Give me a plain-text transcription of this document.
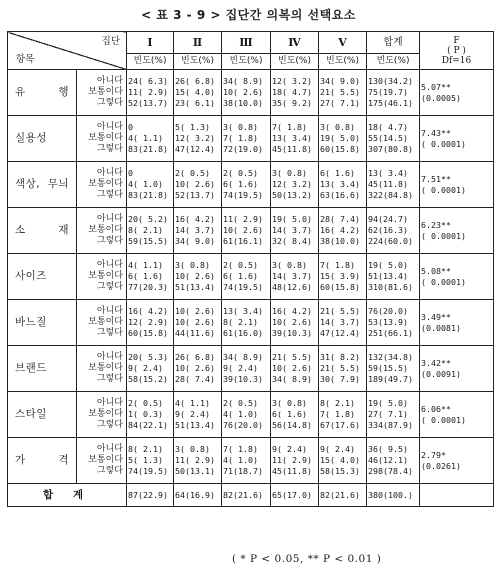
< 표 3 - 9 > 집단간 의복의 선택요소
집단
항목		Ⅰ	Ⅱ	Ⅲ	Ⅳ	Ⅴ	합계	F
( P )
Df=16

		빈도(%)	빈도(%)	빈도(%)	빈도(%)	빈도(%)	빈도(%)	
유 행	아니다
보통이다
그렇다	24( 6.3)
11( 2.9)
52(13.7)	26( 6.8)
15( 4.0)
23( 6.1)	34( 8.9)
10( 2.6)
38(10.0)	12( 3.2)
18( 4.7)
35( 9.2)	34( 9.0)
21( 5.5)
27( 7.1)	130(34.2)
75(19.7)
175(46.1)	5.07**
(0.0005)

실용성	아니다
보통이다
그렇다	0
4( 1.1)
83(21.8)	5( 1.3)
12( 3.2)
47(12.4)	3( 0.8)
7( 1.8)
72(19.0)	7( 1.8)
13( 3.4)
45(11.8)	3( 0.8)
19( 5.0)
60(15.8)	18( 4.7)
55(14.5)
307(80.8)	7.43**
( 0.0001)

색상, 무늬	아니다
보통이다
그렇다	0
4( 1.0)
83(21.8)	2( 0.5)
10( 2.6)
52(13.7)	2( 0.5)
6( 1.6)
74(19.5)	3( 0.8)
12( 3.2)
50(13.2)	6( 1.6)
13( 3.4)
63(16.6)	13( 3.4)
45(11.8)
322(84.8)	7.51**
( 0.0001)

소 재	아니다
보통이다
그렇다	20( 5.2)
8( 2.1)
59(15.5)	16( 4.2)
14( 3.7)
34( 9.0)	11( 2.9)
10( 2.6)
61(16.1)	19( 5.0)
14( 3.7)
32( 8.4)	28( 7.4)
16( 4.2)
38(10.0)	94(24.7)
62(16.3)
224(60.0)	6.23**
( 0.0001)

사이즈	아니다
보통이다
그렇다	4( 1.1)
6( 1.6)
77(20.3)	3( 0.8)
10( 2.6)
51(13.4)	2( 0.5)
6( 1.6)
74(19.5)	3( 0.8)
14( 3.7)
48(12.6)	7( 1.8)
15( 3.9)
60(15.8)	19( 5.0)
51(13.4)
310(81.6)	5.08**
( 0.0001)

바느질	아니다
보통이다
그렇다	16( 4.2)
12( 2.9)
60(15.8)	10( 2.6)
10( 2.6)
44(11.6)	13( 3.4)
8( 2.1)
61(16.0)	16( 4.2)
10( 2.6)
39(10.3)	21( 5.5)
14( 3.7)
47(12.4)	76(20.0)
53(13.9)
251(66.1)	3.49**
(0.0081)

브랜드	아니다
보통이다
그렇다	20( 5.3)
9( 2.4)
58(15.2)	26( 6.8)
10( 2.6)
28( 7.4)	34( 8.9)
9( 2.4)
39(10.3)	21( 5.5)
10( 2.6)
34( 8.9)	31( 8.2)
21( 5.5)
30( 7.9)	132(34.8)
59(15.5)
189(49.7)	3.42**
(0.0091)

스타일	아니다
보통이다
그렇다	2( 0.5)
1( 0.3)
84(22.1)	4( 1.1)
9( 2.4)
51(13.4)	2( 0.5)
4( 1.0)
76(20.0)	3( 0.8)
6( 1.6)
56(14.8)	8( 2.1)
7( 1.8)
67(17.6)	19( 5.0)
27( 7.1)
334(87.9)	6.06**
( 0.0001)

가 격	아니다
보통이다
그렇다	8( 2.1)
5( 1.3)
74(19.5)	3( 0.8)
11( 2.9)
50(13.1)	7( 1.8)
4( 1.0)
71(18.7)	9( 2.4)
11( 2.9)
45(11.8)	9( 2.4)
15( 4.0)
58(15.3)	36( 9.5)
46(12.1)
298(78.4)	2.79*
(0.0261)

합 계		87(22.9)	64(16.9)	82(21.6)	65(17.0)	82(21.6)	380(100.)	
( * P < 0.05, ** P < 0.01 )
